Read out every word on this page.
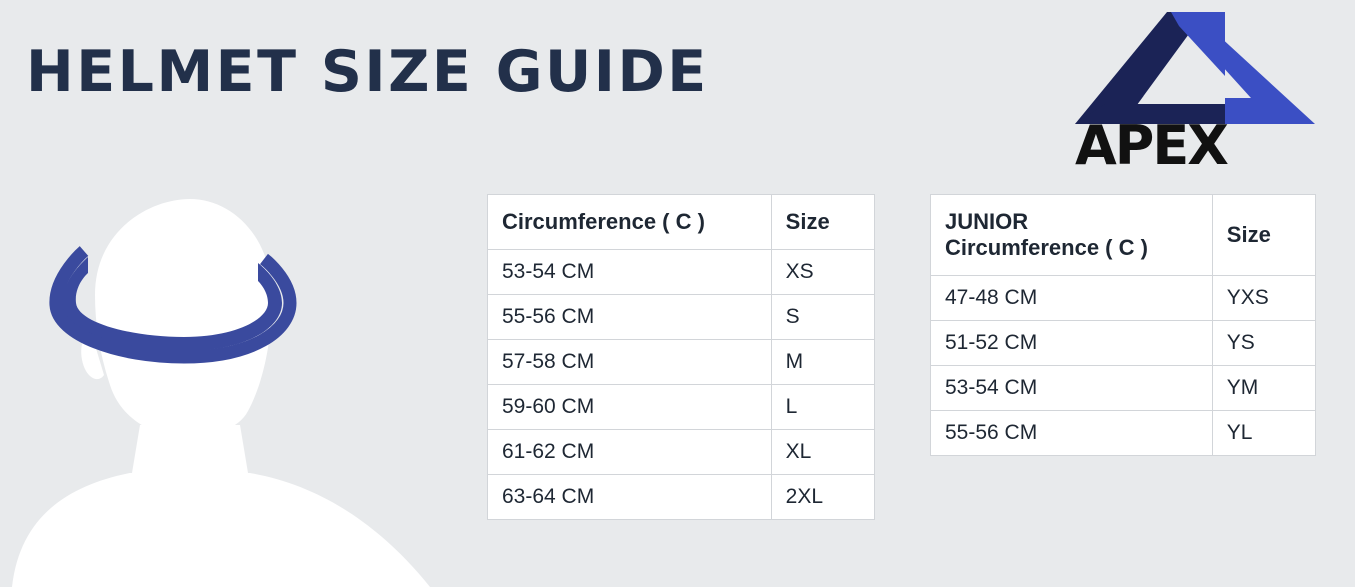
HELMET SIZE GUIDE
APEX
Circumference ( C )	Size
53-54 CM	XS
55-56 CM	S
57-58 CM	M
59-60 CM	L
61-62 CM	XL
63-64 CM	2XL
JUNIOR
Circumference ( C )	Size
47-48 CM	YXS
51-52 CM	YS
53-54 CM	YM
55-56 CM	YL
